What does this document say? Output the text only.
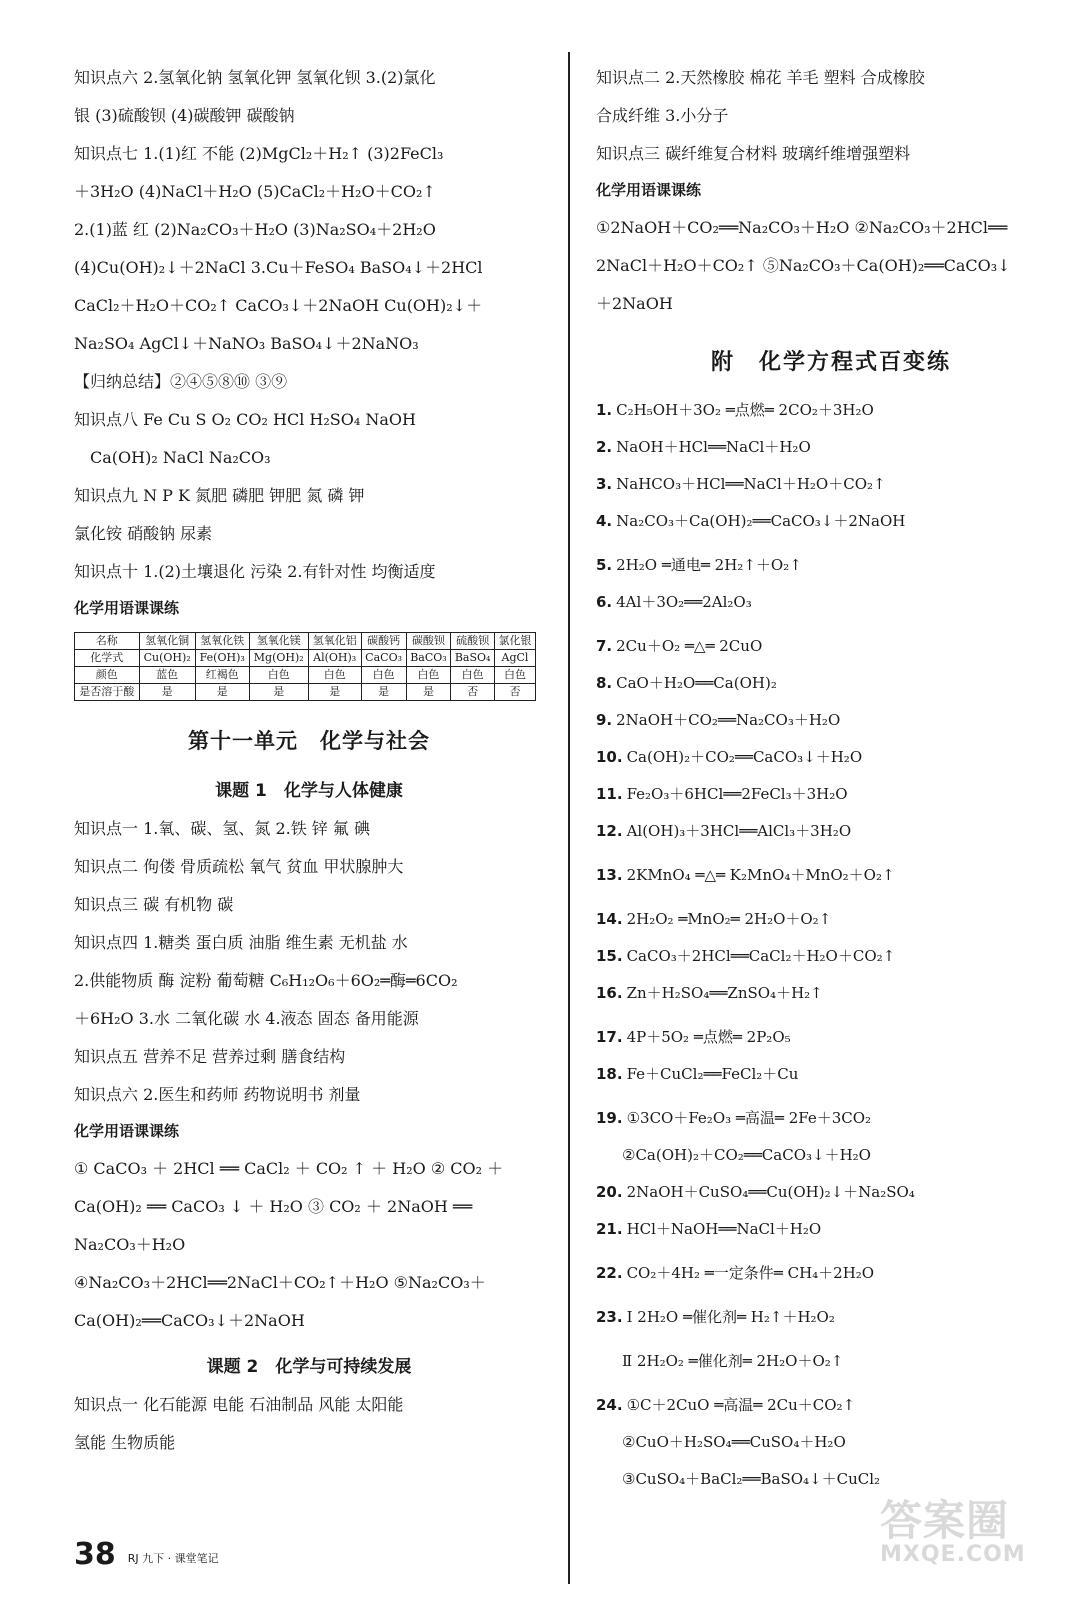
知识点六 2.氢氧化钠 氢氧化钾 氢氧化钡 3.(2)氯化
银 (3)硫酸钡 (4)碳酸钾 碳酸钠
知识点七 1.(1)红 不能 (2)MgCl₂＋H₂↑ (3)2FeCl₃
＋3H₂O (4)NaCl＋H₂O (5)CaCl₂＋H₂O＋CO₂↑
2.(1)蓝 红 (2)Na₂CO₃＋H₂O (3)Na₂SO₄＋2H₂O
(4)Cu(OH)₂↓＋2NaCl 3.Cu＋FeSO₄ BaSO₄↓＋2HCl
CaCl₂＋H₂O＋CO₂↑ CaCO₃↓＋2NaOH Cu(OH)₂↓＋
Na₂SO₄ AgCl↓＋NaNO₃ BaSO₄↓＋2NaNO₃
【归纳总结】②④⑤⑧⑩ ③⑨
知识点八 Fe Cu S O₂ CO₂ HCl H₂SO₄ NaOH
　Ca(OH)₂ NaCl Na₂CO₃
知识点九 N P K 氮肥 磷肥 钾肥 氮 磷 钾
氯化铵 硝酸钠 尿素
知识点十 1.(2)土壤退化 污染 2.有针对性 均衡适度
化学用语课课练
名称	氢氧化铜	氢氧化铁	氢氧化镁	氢氧化铝	碳酸钙	碳酸钡	硫酸钡	氯化银
化学式	Cu(OH)₂	Fe(OH)₃	Mg(OH)₂	Al(OH)₃	CaCO₃	BaCO₃	BaSO₄	AgCl
颜色	蓝色	红褐色	白色	白色	白色	白色	白色	白色
是否溶于酸	是	是	是	是	是	是	否	否
第十一单元　化学与社会
课题 1　化学与人体健康
知识点一 1.氧、碳、氢、氮 2.铁 锌 氟 碘
知识点二 佝偻 骨质疏松 氧气 贫血 甲状腺肿大
知识点三 碳 有机物 碳
知识点四 1.糖类 蛋白质 油脂 维生素 无机盐 水
2.供能物质 酶 淀粉 葡萄糖 C₆H₁₂O₆＋6O₂═酶═6CO₂
＋6H₂O 3.水 二氧化碳 水 4.液态 固态 备用能源
知识点五 营养不足 营养过剩 膳食结构
知识点六 2.医生和药师 药物说明书 剂量
化学用语课课练
① CaCO₃ ＋ 2HCl ══ CaCl₂ ＋ CO₂ ↑ ＋ H₂O ② CO₂ ＋
Ca(OH)₂ ══ CaCO₃ ↓ ＋ H₂O ③ CO₂ ＋ 2NaOH ══
Na₂CO₃＋H₂O
④Na₂CO₃＋2HCl══2NaCl＋CO₂↑＋H₂O ⑤Na₂CO₃＋
Ca(OH)₂══CaCO₃↓＋2NaOH
课题 2　化学与可持续发展
知识点一 化石能源 电能 石油制品 风能 太阳能
氢能 生物质能
知识点二 2.天然橡胶 棉花 羊毛 塑料 合成橡胶
合成纤维 3.小分子
知识点三 碳纤维复合材料 玻璃纤维增强塑料
化学用语课课练
①2NaOH＋CO₂══Na₂CO₃＋H₂O ②Na₂CO₃＋2HCl══
2NaCl＋H₂O＋CO₂↑ ⑤Na₂CO₃＋Ca(OH)₂══CaCO₃↓
＋2NaOH
附　化学方程式百变练
1. C₂H₅OH＋3O₂ ═点燃═ 2CO₂＋3H₂O
2. NaOH＋HCl══NaCl＋H₂O
3. NaHCO₃＋HCl══NaCl＋H₂O＋CO₂↑
4. Na₂CO₃＋Ca(OH)₂══CaCO₃↓＋2NaOH
5. 2H₂O ═通电═ 2H₂↑＋O₂↑
6. 4Al＋3O₂══2Al₂O₃
7. 2Cu＋O₂ ═△═ 2CuO
8. CaO＋H₂O══Ca(OH)₂
9. 2NaOH＋CO₂══Na₂CO₃＋H₂O
10. Ca(OH)₂＋CO₂══CaCO₃↓＋H₂O
11. Fe₂O₃＋6HCl══2FeCl₃＋3H₂O
12. Al(OH)₃＋3HCl══AlCl₃＋3H₂O
13. 2KMnO₄ ═△═ K₂MnO₄＋MnO₂＋O₂↑
14. 2H₂O₂ ═MnO₂═ 2H₂O＋O₂↑
15. CaCO₃＋2HCl══CaCl₂＋H₂O＋CO₂↑
16. Zn＋H₂SO₄══ZnSO₄＋H₂↑
17. 4P＋5O₂ ═点燃═ 2P₂O₅
18. Fe＋CuCl₂══FeCl₂＋Cu
19. ①3CO＋Fe₂O₃ ═高温═ 2Fe＋3CO₂
②Ca(OH)₂＋CO₂══CaCO₃↓＋H₂O
20. 2NaOH＋CuSO₄══Cu(OH)₂↓＋Na₂SO₄
21. HCl＋NaOH══NaCl＋H₂O
22. CO₂＋4H₂ ═一定条件═ CH₄＋2H₂O
23. Ⅰ 2H₂O ═催化剂═ H₂↑＋H₂O₂
Ⅱ 2H₂O₂ ═催化剂═ 2H₂O＋O₂↑
24. ①C＋2CuO ═高温═ 2Cu＋CO₂↑
②CuO＋H₂SO₄══CuSO₄＋H₂O
③CuSO₄＋BaCl₂══BaSO₄↓＋CuCl₂
38 RJ 九下 · 课堂笔记
答案圈
MXQE.COM
